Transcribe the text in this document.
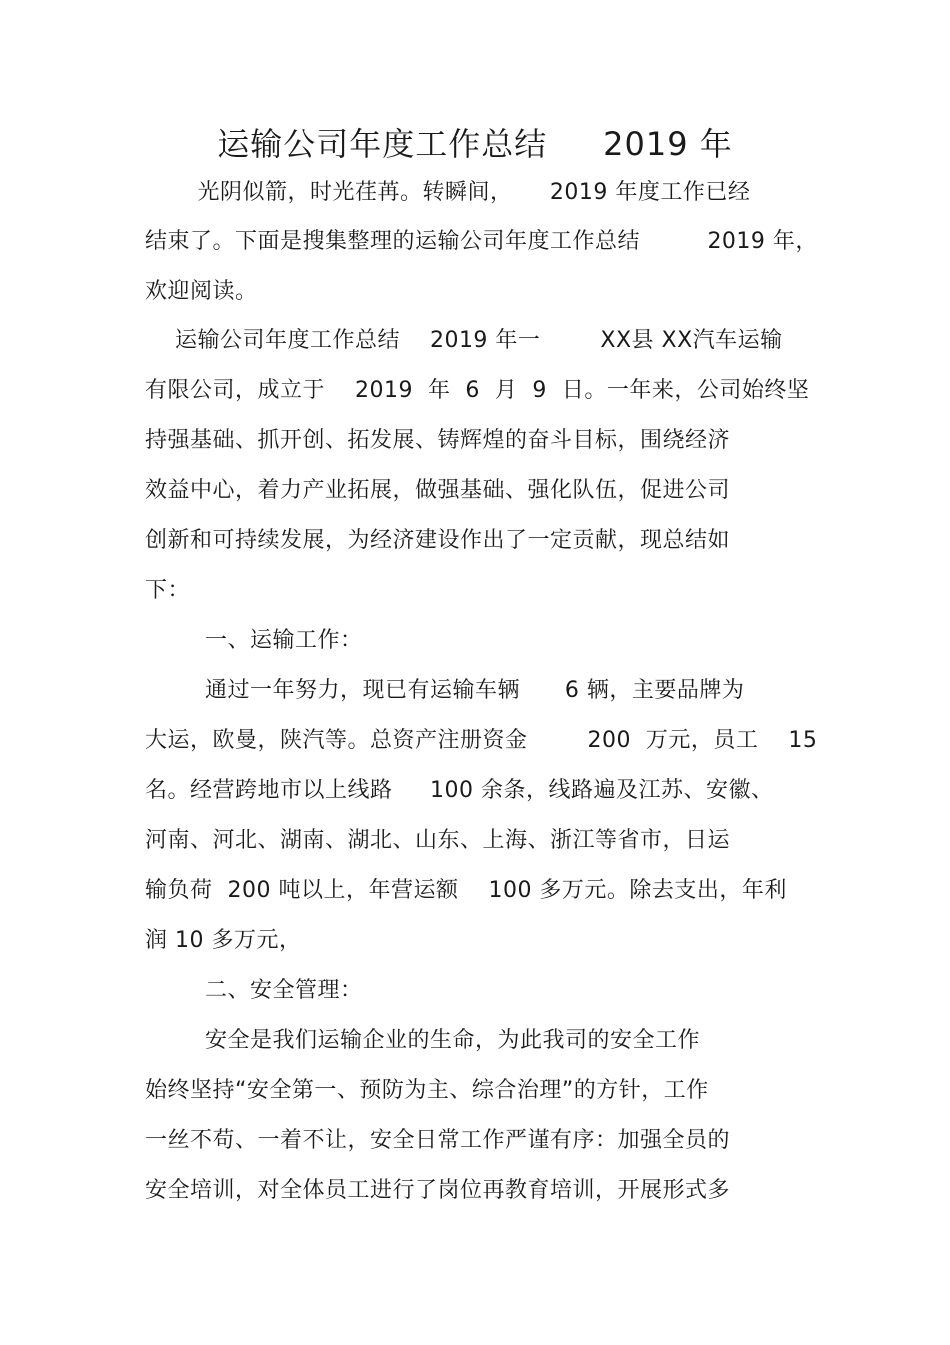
运输公司年度工作总结     2019 年
光阴似箭，时光荏苒。转瞬间，     2019 年度工作已经
结束了。下面是搜集整理的运输公司年度工作总结         2019 年，
欢迎阅读。
运输公司年度工作总结    2019 年一        XX县 XX汽车运输
有限公司，成立于    2019  年  6  月  9  日。一年来，公司始终坚
持强基础、抓开创、拓发展、铸辉煌的奋斗目标，围绕经济
效益中心，着力产业拓展，做强基础、强化队伍，促进公司
创新和可持续发展，为经济建设作出了一定贡献，现总结如
下：
一、运输工作：
通过一年努力，现已有运输车辆      6 辆，主要品牌为
大运，欧曼，陕汽等。总资产注册资金        200  万元，员工    15
名。经营跨地市以上线路     100 余条，线路遍及江苏、安徽、
河南、河北、湖南、湖北、山东、上海、浙江等省市，日运
输负荷  200 吨以上，年营运额    100 多万元。除去支出，年利
润 10 多万元，
二、安全管理：
安全是我们运输企业的生命，为此我司的安全工作
始终坚持“安全第一、预防为主、综合治理”的方针，工作
一丝不苟、一着不让，安全日常工作严谨有序：加强全员的
安全培训，对全体员工进行了岗位再教育培训，开展形式多
